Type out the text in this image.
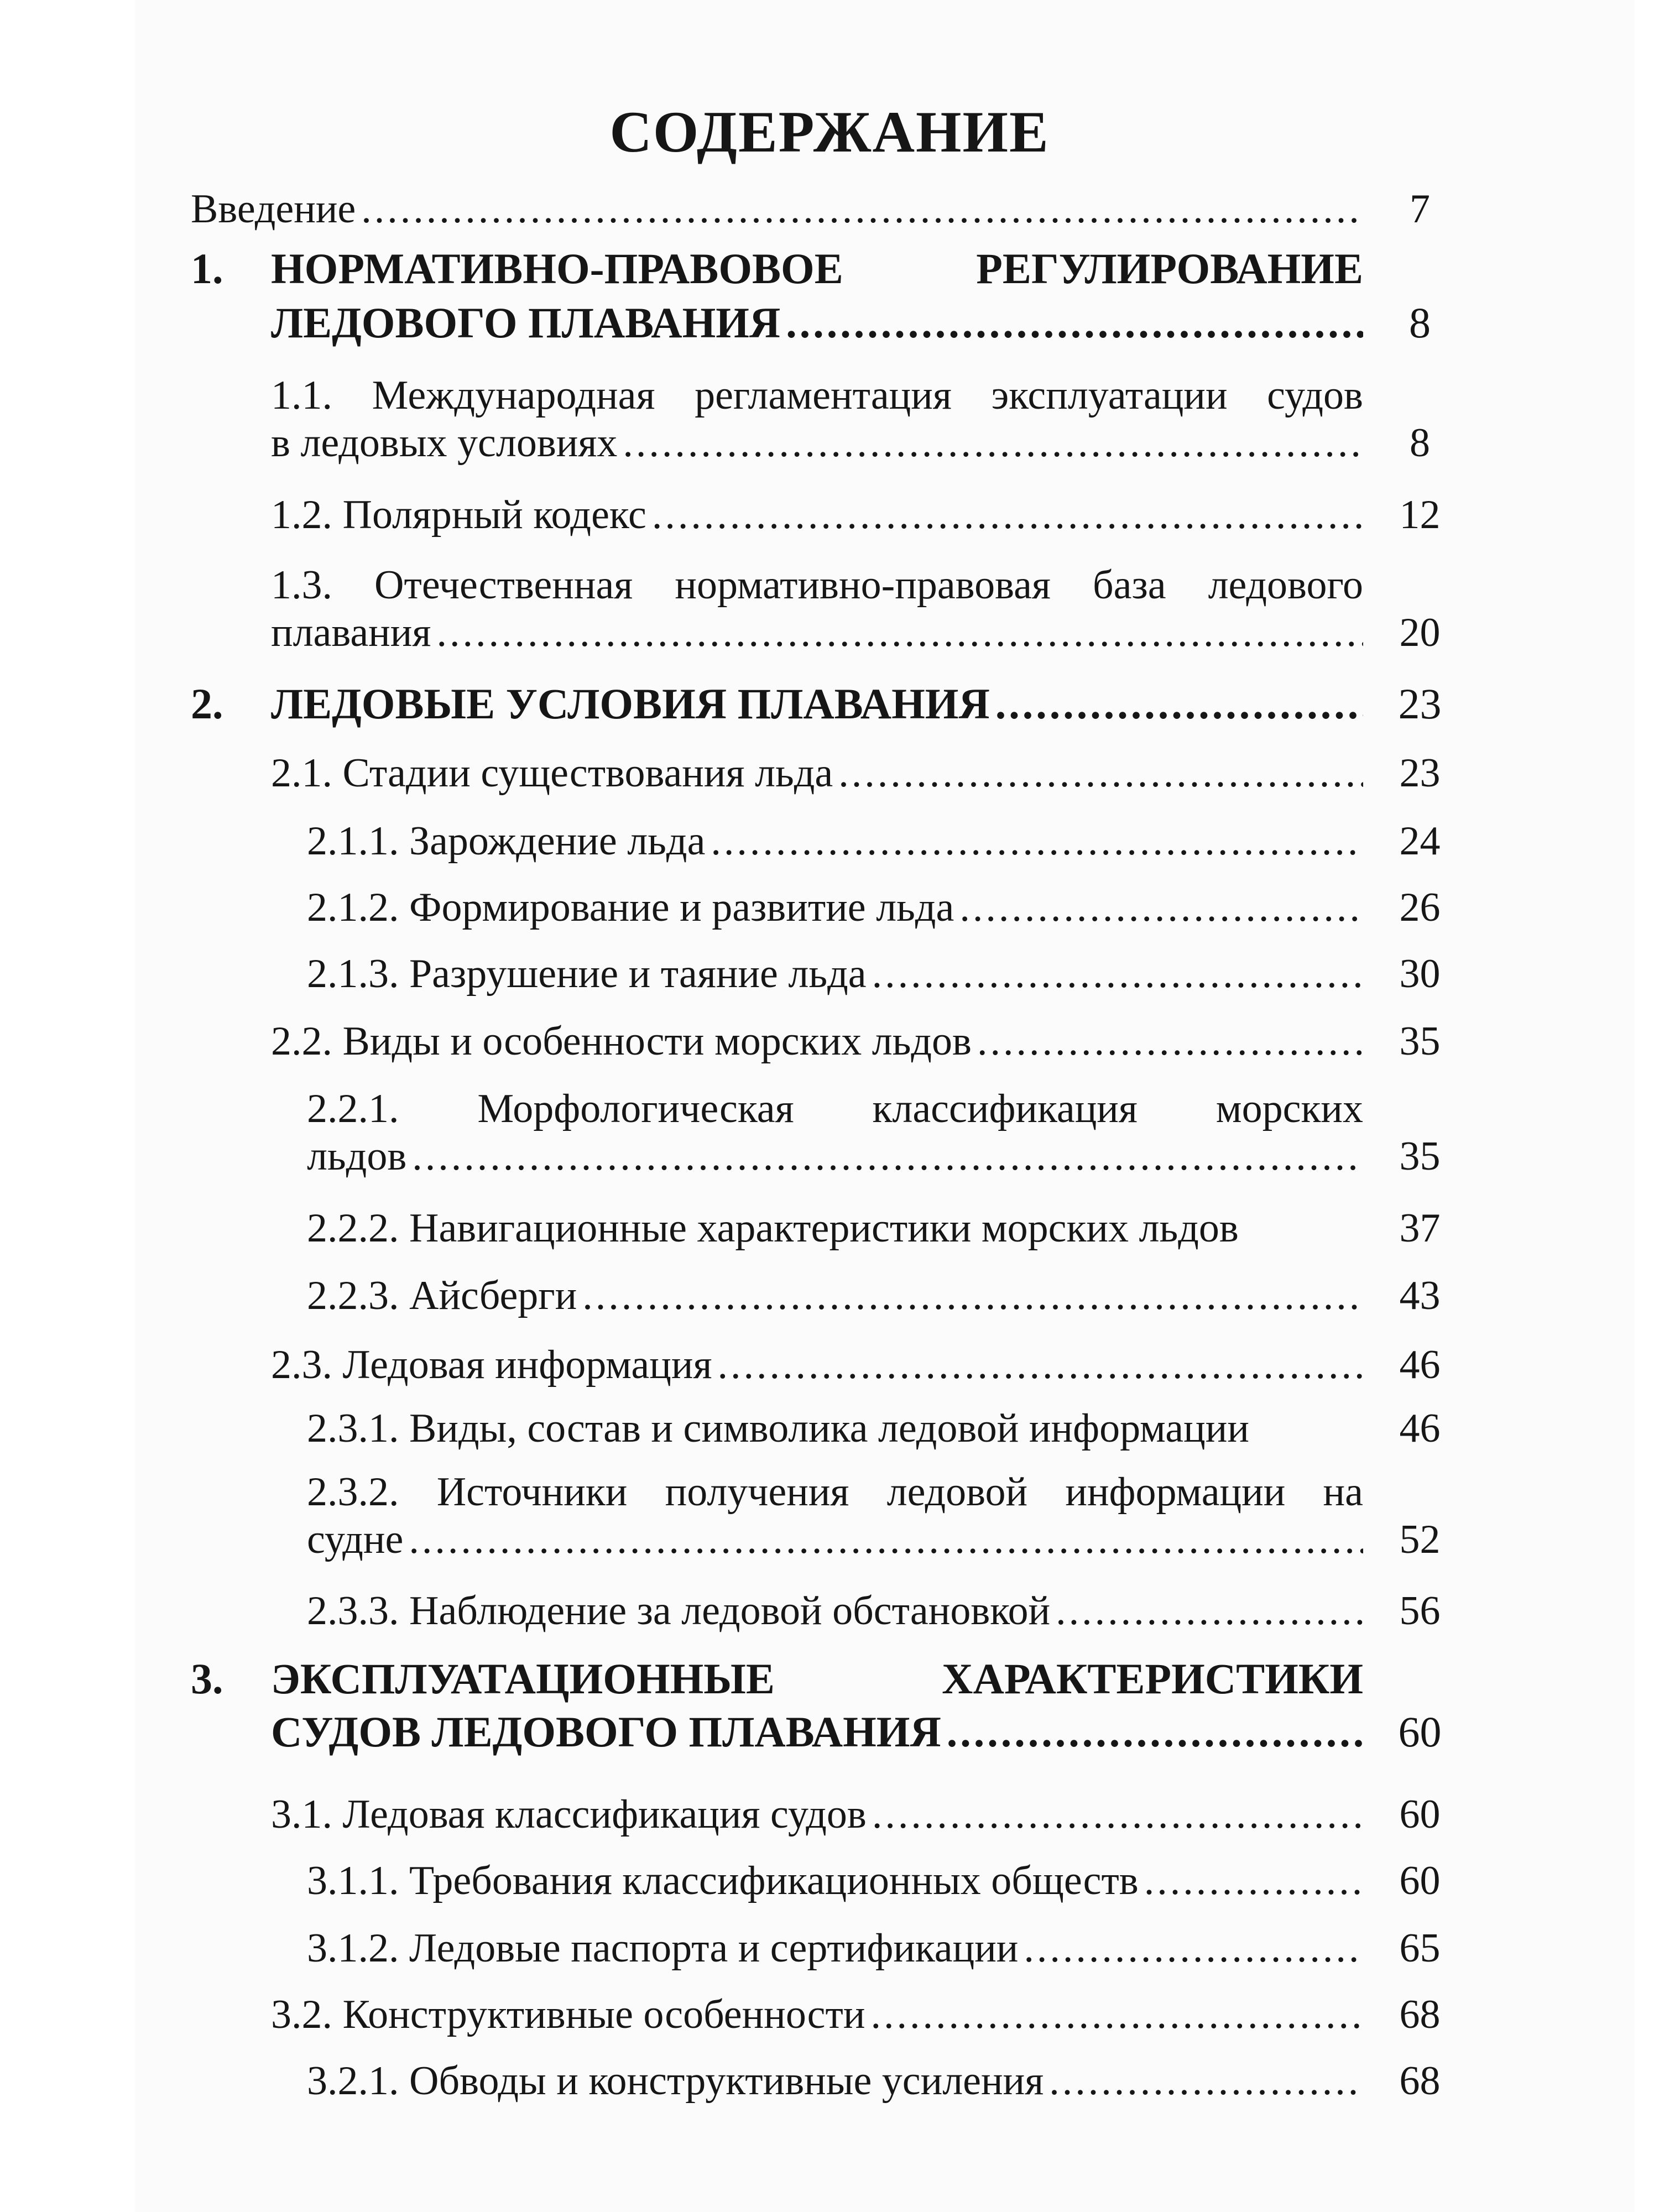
СОДЕРЖАНИЕ
Введение .....	7
1. НОРМАТИВНО-ПРАВОВОЕ РЕГУЛИРОВАНИЕ
ЛЕДОВОГО ПЛАВАНИЯ .....	8
1.1. Международная регламентация эксплуатации судов
в ледовых условиях .....	8
1.2. Полярный кодекс .....	12
1.3. Отечественная нормативно-правовая база ледового
плавания .....	20
2. ЛЕДОВЫЕ УСЛОВИЯ ПЛАВАНИЯ .....	23
2.1. Стадии существования льда .....	23
2.1.1. Зарождение льда .....	24
2.1.2. Формирование и развитие льда .....	26
2.1.3. Разрушение и таяние льда .....	30
2.2. Виды и особенности морских льдов .....	35
2.2.1. Морфологическая классификация морских
льдов .....	35
2.2.2. Навигационные характеристики морских льдов	37
2.2.3. Айсберги .....	43
2.3. Ледовая информация .....	46
2.3.1. Виды, состав и символика ледовой информации	46
2.3.2. Источники получения ледовой информации на
судне .....	52
2.3.3. Наблюдение за ледовой обстановкой .....	56
3. ЭКСПЛУАТАЦИОННЫЕ ХАРАКТЕРИСТИКИ
СУДОВ ЛЕДОВОГО ПЛАВАНИЯ .....	60
3.1. Ледовая классификация судов .....	60
3.1.1. Требования классификационных обществ .....	60
3.1.2. Ледовые паспорта и сертификации .....	65
3.2. Конструктивные особенности .....	68
3.2.1. Обводы и конструктивные усиления .....	68
